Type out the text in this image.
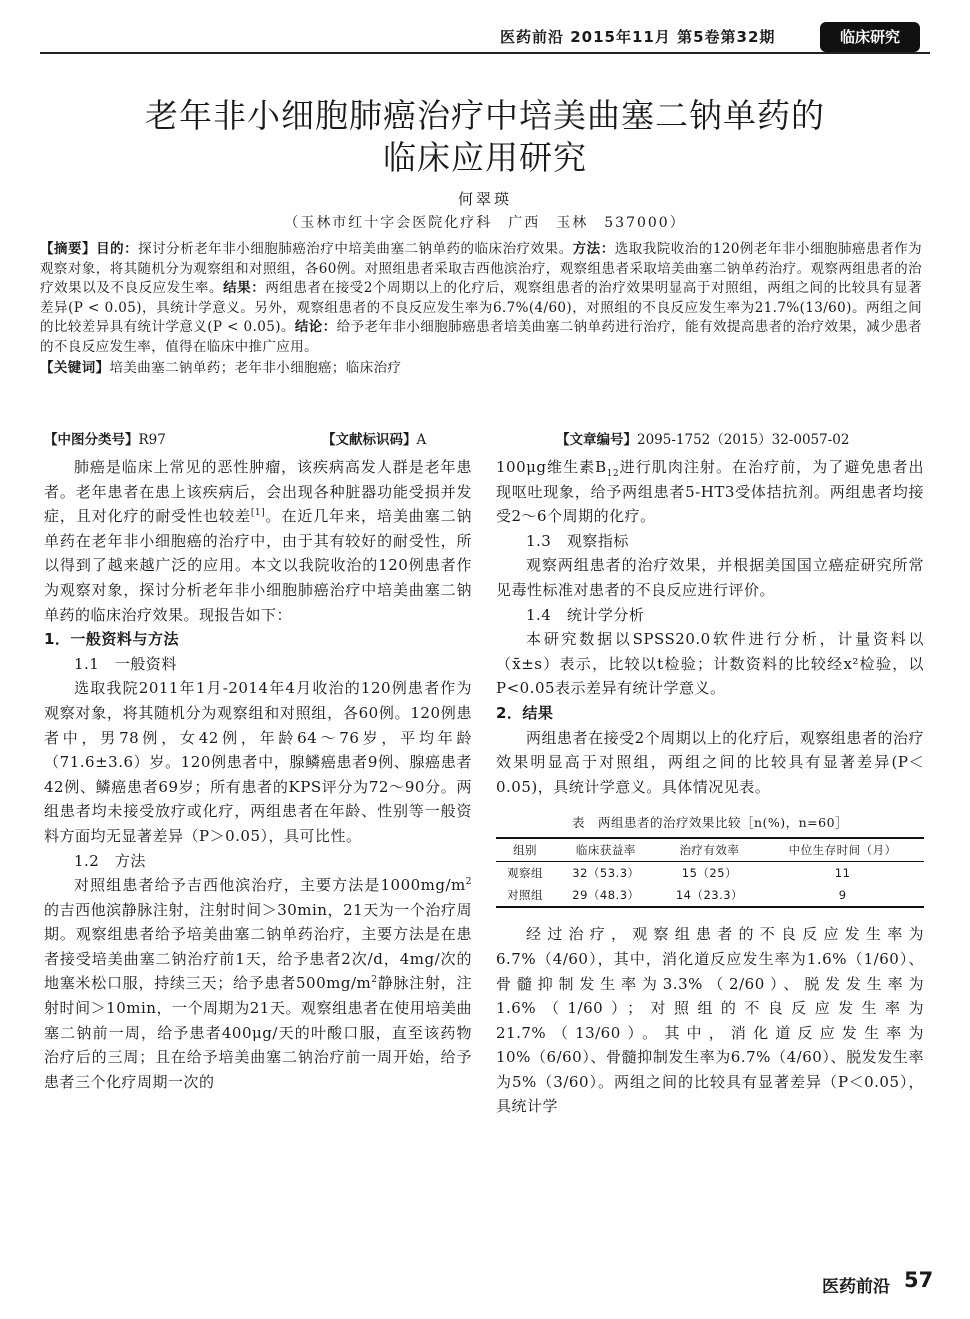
医药前沿 2015年11月 第5卷第32期	临床研究
老年非小细胞肺癌治疗中培美曲塞二钠单药的
临床应用研究
何翠瑛
（玉林市红十字会医院化疗科　广西　玉林　537000）
【摘要】目的：探讨分析老年非小细胞肺癌治疗中培美曲塞二钠单药的临床治疗效果。方法：选取我院收治的120例老年非小细胞肺癌患者作为观察对象，将其随机分为观察组和对照组，各60例。对照组患者采取吉西他滨治疗，观察组患者采取培美曲塞二钠单药治疗。观察两组患者的治疗效果以及不良反应发生率。结果：两组患者在接受2个周期以上的化疗后，观察组患者的治疗效果明显高于对照组，两组之间的比较具有显著差异(P < 0.05)，具统计学意义。另外，观察组患者的不良反应发生率为6.7%(4/60)，对照组的不良反应发生率为21.7%(13/60)。两组之间的比较差异具有统计学意义(P < 0.05)。结论：给予老年非小细胞肺癌患者培美曲塞二钠单药进行治疗，能有效提高患者的治疗效果，减少患者的不良反应发生率，值得在临床中推广应用。
【关键词】培美曲塞二钠单药；老年非小细胞癌；临床治疗
【中图分类号】R97	【文献标识码】A	【文章编号】2095-1752（2015）32-0057-02

肺癌是临床上常见的恶性肿瘤，该疾病高发人群是老年患者。老年患者在患上该疾病后，会出现各种脏器功能受损并发症，且对化疗的耐受性也较差[1]。在近几年来，培美曲塞二钠单药在老年非小细胞癌的治疗中，由于其有较好的耐受性，所以得到了越来越广泛的应用。本文以我院收治的120例患者作为观察对象，探讨分析老年非小细胞肺癌治疗中培美曲塞二钠单药的临床治疗效果。现报告如下：

1．一般资料与方法
1.1　一般资料

选取我院2011年1月-2014年4月收治的120例患者作为观察对象，将其随机分为观察组和对照组，各60例。120例患者中，男78例，女42例，年龄64～76岁，平均年龄（71.6±3.6）岁。120例患者中，腺鳞癌患者9例、腺癌患者42例、鳞癌患者69岁；所有患者的KPS评分为72～90分。两组患者均未接受放疗或化疗，两组患者在年龄、性别等一般资料方面均无显著差异（P＞0.05），具可比性。

1.2　方法

对照组患者给予吉西他滨治疗，主要方法是$1000mg/m^2$的吉西他滨静脉注射，注射时间＞30min，21天为一个治疗周期。观察组患者给予培美曲塞二钠单药治疗，主要方法是在患者接受培美曲塞二钠治疗前1天，给予患者2次/d，4mg/次的地塞米松口服，持续三天；给予患者$500mg/m^2$静脉注射，注射时间＞10min，一个周期为21天。观察组患者在使用培美曲塞二钠前一周，给予患者400μg/天的叶酸口服，直至该药物治疗后的三周；且在给予培美曲塞二钠治疗前一周开始，给予患者三个化疗周期一次的

100μg维生素$B_{12}$进行肌肉注射。在治疗前，为了避免患者出现呕吐现象，给予两组患者5-HT3受体拮抗剂。两组患者均接受2～6个周期的化疗。

1.3　观察指标

观察两组患者的治疗效果，并根据美国国立癌症研究所常见毒性标准对患者的不良反应进行评价。

1.4　统计学分析

本研究数据以SPSS20.0软件进行分析，计量资料以（x̄±s）表示，比较以t检验；计数资料的比较经x²检验，以P<0.05表示差异有统计学意义。

2．结果

两组患者在接受2个周期以上的化疗后，观察组患者的治疗效果明显高于对照组，两组之间的比较具有显著差异(P＜0.05)，具统计学意义。具体情况见表。

表　两组患者的治疗效果比较［n(%)，n=60］
组别	临床获益率	治疗有效率	中位生存时间（月）
观察组	32（53.3）	15（25）	11
对照组	29（48.3）	14（23.3）	9

经过治疗，观察组患者的不良反应发生率为6.7%（4/60），其中，消化道反应发生率为1.6%（1/60）、骨髓抑制发生率为3.3%（2/60）、脱发发生率为1.6%（1/60）；对照组的不良反应发生率为21.7%（13/60）。其中，消化道反应发生率为10%（6/60）、骨髓抑制发生率为6.7%（4/60）、脱发发生率为5%（3/60）。两组之间的比较具有显著差异（P＜0.05），具统计学

医药前沿 57
